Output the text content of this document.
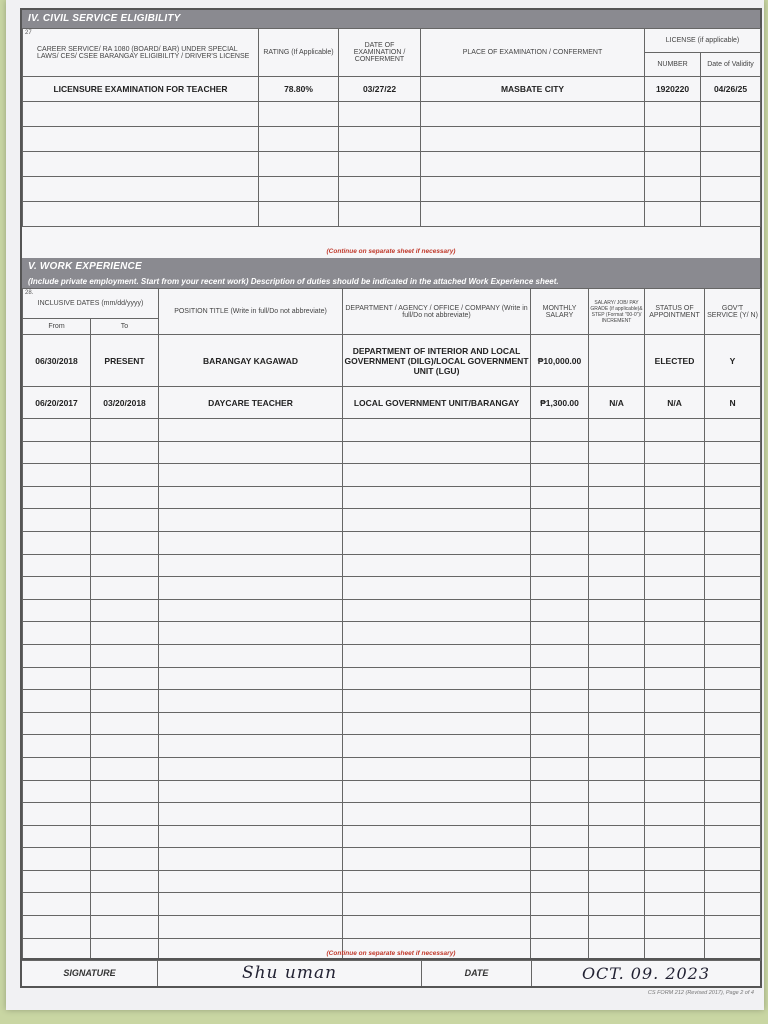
IV. CIVIL SERVICE ELIGIBILITY
27
CAREER SERVICE/ RA 1080 (BOARD/ BAR) UNDER SPECIAL LAWS/ CES/ CSEE BARANGAY ELIGIBILITY / DRIVER'S LICENSE	RATING (If Applicable)	DATE OF EXAMINATION / CONFERMENT	PLACE OF EXAMINATION / CONFERMENT	LICENSE (if applicable)	
				NUMBER	Date of Validity
LICENSURE EXAMINATION FOR TEACHER	78.80%	03/27/22	MASBATE CITY	1920220	04/26/25

(Continue on separate sheet if necessary)
V. WORK EXPERIENCE
(Include private employment. Start from your recent work) Description of duties should be indicated in the attached Work Experience sheet.
28.
INCLUSIVE DATES (mm/dd/yyyy)		POSITION TITLE (Write in full/Do not abbreviate)	DEPARTMENT / AGENCY / OFFICE / COMPANY (Write in full/Do not abbreviate)	MONTHLY SALARY	SALARY/ JOB/ PAY GRADE (if applicable)& STEP (Format "00-0")/ INCREMENT	STATUS OF APPOINTMENT	GOV'T SERVICE (Y/ N)
From	To						
06/30/2018	PRESENT	BARANGAY KAGAWAD	DEPARTMENT OF INTERIOR AND LOCAL GOVERNMENT (DILG)/LOCAL GOVERNMENT UNIT (LGU)	₱10,000.00		ELECTED	Y
06/20/2017	03/20/2018	DAYCARE TEACHER	LOCAL GOVERNMENT UNIT/BARANGAY	₱1,300.00	N/A	N/A	N

(Continue on separate sheet if necessary)
SIGNATURE	Shu uman	DATE	OCT. 09. 2023
CS FORM 212 (Revised 2017), Page 2 of 4
